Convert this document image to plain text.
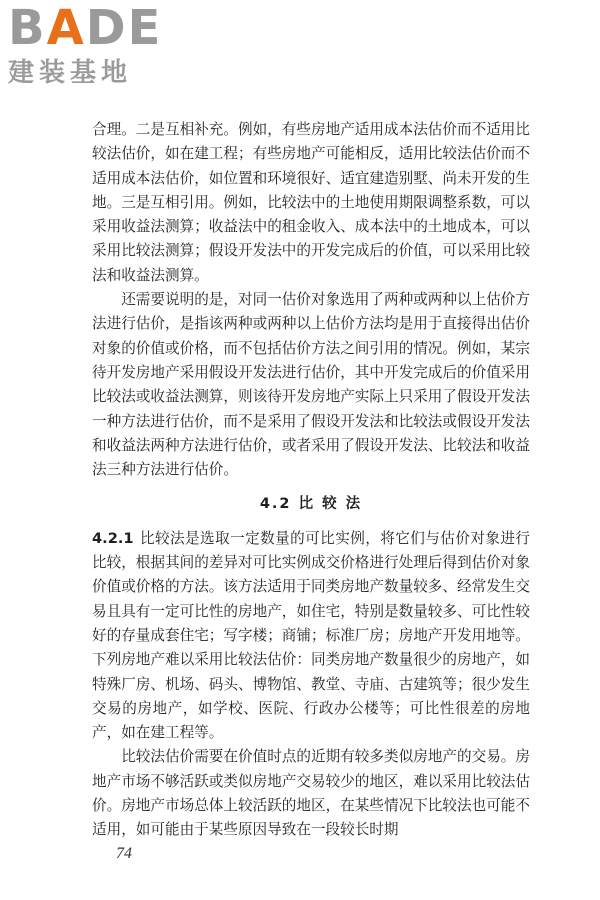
BADE
建装基地

合理。二是互相补充。例如，有些房地产适用成本法估价而不适用比较法估价，如在建工程；有些房地产可能相反，适用比较法估价而不适用成本法估价，如位置和环境很好、适宜建造别墅、尚未开发的生地。三是互相引用。例如，比较法中的土地使用期限调整系数，可以采用收益法测算；收益法中的租金收入、成本法中的土地成本，可以采用比较法测算；假设开发法中的开发完成后的价值，可以采用比较法和收益法测算。

还需要说明的是，对同一估价对象选用了两种或两种以上估价方法进行估价，是指该两种或两种以上估价方法均是用于直接得出估价对象的价值或价格，而不包括估价方法之间引用的情况。例如，某宗待开发房地产采用假设开发法进行估价，其中开发完成后的价值采用比较法或收益法测算，则该待开发房地产实际上只采用了假设开发法一种方法进行估价，而不是采用了假设开发法和比较法或假设开发法和收益法两种方法进行估价，或者采用了假设开发法、比较法和收益法三种方法进行估价。

4.2 比 较 法

4.2.1 比较法是选取一定数量的可比实例，将它们与估价对象进行比较，根据其间的差异对可比实例成交价格进行处理后得到估价对象价值或价格的方法。该方法适用于同类房地产数量较多、经常发生交易且具有一定可比性的房地产，如住宅，特别是数量较多、可比性较好的存量成套住宅；写字楼；商铺；标准厂房；房地产开发用地等。下列房地产难以采用比较法估价：同类房地产数量很少的房地产，如特殊厂房、机场、码头、博物馆、教堂、寺庙、古建筑等；很少发生交易的房地产，如学校、医院、行政办公楼等；可比性很差的房地产，如在建工程等。

比较法估价需要在价值时点的近期有较多类似房地产的交易。房地产市场不够活跃或类似房地产交易较少的地区，难以采用比较法估价。房地产市场总体上较活跃的地区，在某些情况下比较法也可能不适用，如可能由于某些原因导致在一段较长时期

74
